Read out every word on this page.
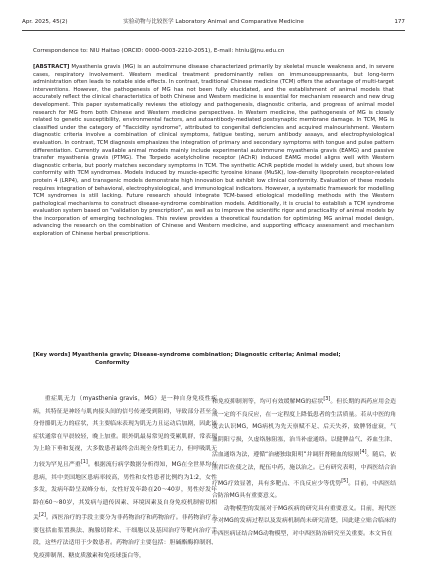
Apr. 2025, 45(2)	实验动物与比较医学 Laboratory Animal and Comparative Medicine	177
Correspondence to: NIU Haitao (ORCID: 0000-0003-2210-2051), E-mail: htniu@jnu.edu.cn
[ABSTRACT] Myasthenia gravis (MG) is an autoimmune disease characterized primarily by skeletal muscle weakness and, in severe cases, respiratory involvement. Western medical treatment predominantly relies on immunosuppressants, but long-term administration often leads to notable side effects. In contrast, traditional Chinese medicine (TCM) offers the advantage of multi-target interventions. However, the pathogenesis of MG has not been fully elucidated, and the establishment of animal models that accurately reflect the clinical characteristics of both Chinese and Western medicine is essential for mechanism research and new drug development. This paper systematically reviews the etiology and pathogenesis, diagnostic criteria, and progress of animal model research for MG from both Chinese and Western medicine perspectives. In Western medicine, the pathogenesis of MG is closely related to genetic susceptibility, environmental factors, and autoantibody-mediated postsynaptic membrane damage. In TCM, MG is classified under the category of "flaccidity syndrome", attributed to congenital deficiencies and acquired malnourishment. Western diagnostic criteria involve a combination of clinical symptoms, fatigue testing, serum antibody assays, and electrophysiological evaluation. In contrast, TCM diagnosis emphasizes the integration of primary and secondary symptoms with tongue and pulse pattern differentiation. Currently available animal models mainly include experimental autoimmune myasthenia gravis (EAMG) and passive transfer myasthenia gravis (PTMG). The Torpedo acetylcholine receptor (AChR) induced EAMG model aligns well with Western diagnostic criteria, but poorly matches secondary symptoms in TCM. The synthetic AChR peptide model is widely used, but shows low conformity with TCM syndromes. Models induced by muscle-specific tyrosine kinase (MuSK), low-density lipoprotein receptor-related protein 4 (LRP4), and transgenic models demonstrate high innovation but exhibit low clinical conformity. Evaluation of these models requires integration of behavioral, electrophysiological, and immunological indicators. However, a systematic framework for modelling TCM syndromes is still lacking. Future research should integrate TCM-based etiological modelling methods with the Western pathological mechanisms to construct disease-syndrome combination models. Additionally, it is crucial to establish a TCM syndrome evaluation system based on "validation by prescription", as well as to improve the scientific rigor and practicality of animal models by the incorporation of emerging technologies. This review provides a theoretical foundation for optimizing MG animal model design, advancing the research on the combination of Chinese and Western medicine, and supporting efficacy assessment and mechanism exploration of Chinese herbal prescriptions.
[Key words]
Myasthenia gravis; Disease-syndrome combination; Diagnostic criteria; Animal model;
Conformity

重症肌无力（myasthenia gravis，MG）是一种自身免疫性疾病，其特征是神经与肌肉接头间的信号传递受到阻碍，导致部分甚至全身骨骼肌无力的症状，其主要临床表现为肌无力且运动后加剧，因此该症状通常在早晨较轻，晚上加重。眼外肌最易常见的受累肌群，常表现为上睑下垂和复视，大多数患者最终会出现全身性肌无力，但呼吸肌无力较为罕见且严重[1]。根据流行病学数据分析得知，MG在全世界均有患病，其中美国地区患病率较高，男性和女性患者比例约为1:2，女性多发，发病年龄呈双峰分布，女性好发年龄在20～40岁，男性好发年龄在60～80岁，其发病与遗传因素、环境因素及自身免疫机制密切相关[2]。西医治疗的手段主要分为非药物治疗和药物治疗。非药物治疗主要包括血浆置换法、胸腺切除术、干细胞以及基因治疗等靶向治疗手段，这些疗法适用于少数患者。药物治疗主要包括：胆碱酯酶抑制剂、免疫抑制剂、糖皮质激素和免疫球蛋白等，

和免疫抑制剂等，均可有效缓解MG的症状[3]。但长期的西药应用会造成一定的不良反应，在一定程度上降低患者的生活质量。若从中医的角度去认识MG，MG病机为先天禀赋不足、后天失养，致脾肾虚衰，气血阴阳亏损，久虚络脉阻塞，治当补虚通络。以健脾益气、养血生津、活血通络为法，遵循“治痿独取阳明”并调肝肾精血的原则[4]。随后，依照君臣佐使之法，配伍中药，施以治之。已有研究表明，中西医结合治疗MG疗效显著，具有多靶点、不良反应少等优势[5]。目前，中西医结合防治MG具有重要意义。

动物模型的发展对于MG疾病的研究具有重要意义。目前，现代医学对MG的发病过程以及发病机制尚未研究清楚，因此建立贴合临床的中西医病证结合MG动物模型，对中西医防治研究至关重要。本文旨在
